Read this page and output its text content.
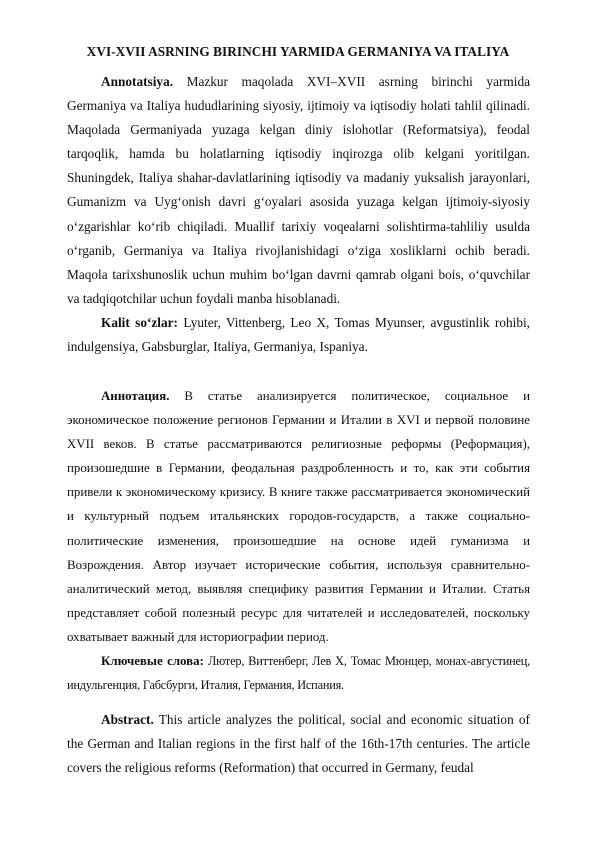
XVI-XVII ASRNING BIRINCHI YARMIDA GERMANIYA VA ITALIYA

Annotatsiya. Mazkur maqolada XVI–XVII asrning birinchi yarmida Germaniya va Italiya hududlarining siyosiy, ijtimoiy va iqtisodiy holati tahlil qilinadi. Maqolada Germaniyada yuzaga kelgan diniy islohotlar (Reformatsiya), feodal tarqoqlik, hamda bu holatlarning iqtisodiy inqirozga olib kelgani yoritilgan. Shuningdek, Italiya shahar-davlatlarining iqtisodiy va madaniy yuksalish jarayonlari, Gumanizm va Uyg‘onish davri g‘oyalari asosida yuzaga kelgan ijtimoiy-siyosiy o‘zgarishlar ko‘rib chiqiladi. Muallif tarixiy voqealarni solishtirma-tahliliy usulda o‘rganib, Germaniya va Italiya rivojlanishidagi o‘ziga xosliklarni ochib beradi. Maqola tarixshunoslik uchun muhim bo‘lgan davrni qamrab olgani bois, o‘quvchilar va tadqiqotchilar uchun foydali manba hisoblanadi.

Kalit so‘zlar: Lyuter, Vittenberg, Leo X, Tomas Myunser, avgustinlik rohibi, indulgensiya, Gabsburglar, Italiya, Germaniya, Ispaniya.

Аннотация. В статье анализируется политическое, социальное и экономическое положение регионов Германии и Италии в XVI и первой половине XVII веков. В статье рассматриваются религиозные реформы (Реформация), произошедшие в Германии, феодальная раздробленность и то, как эти события привели к экономическому кризису. В книге также рассматривается экономический и культурный подъем итальянских городов-государств, а также социально-политические изменения, произошедшие на основе идей гуманизма и Возрождения. Автор изучает исторические события, используя сравнительно-аналитический метод, выявляя специфику развития Германии и Италии. Статья представляет собой полезный ресурс для читателей и исследователей, поскольку охватывает важный для историографии период.

Ключевые слова: Лютер, Виттенберг, Лев X, Томас Мюнцер, монах-августинец, индульгенция, Габсбурги, Италия, Германия, Испания.

Abstract. This article analyzes the political, social and economic situation of the German and Italian regions in the first half of the 16th-17th centuries. The article covers the religious reforms (Reformation) that occurred in Germany, feudal
